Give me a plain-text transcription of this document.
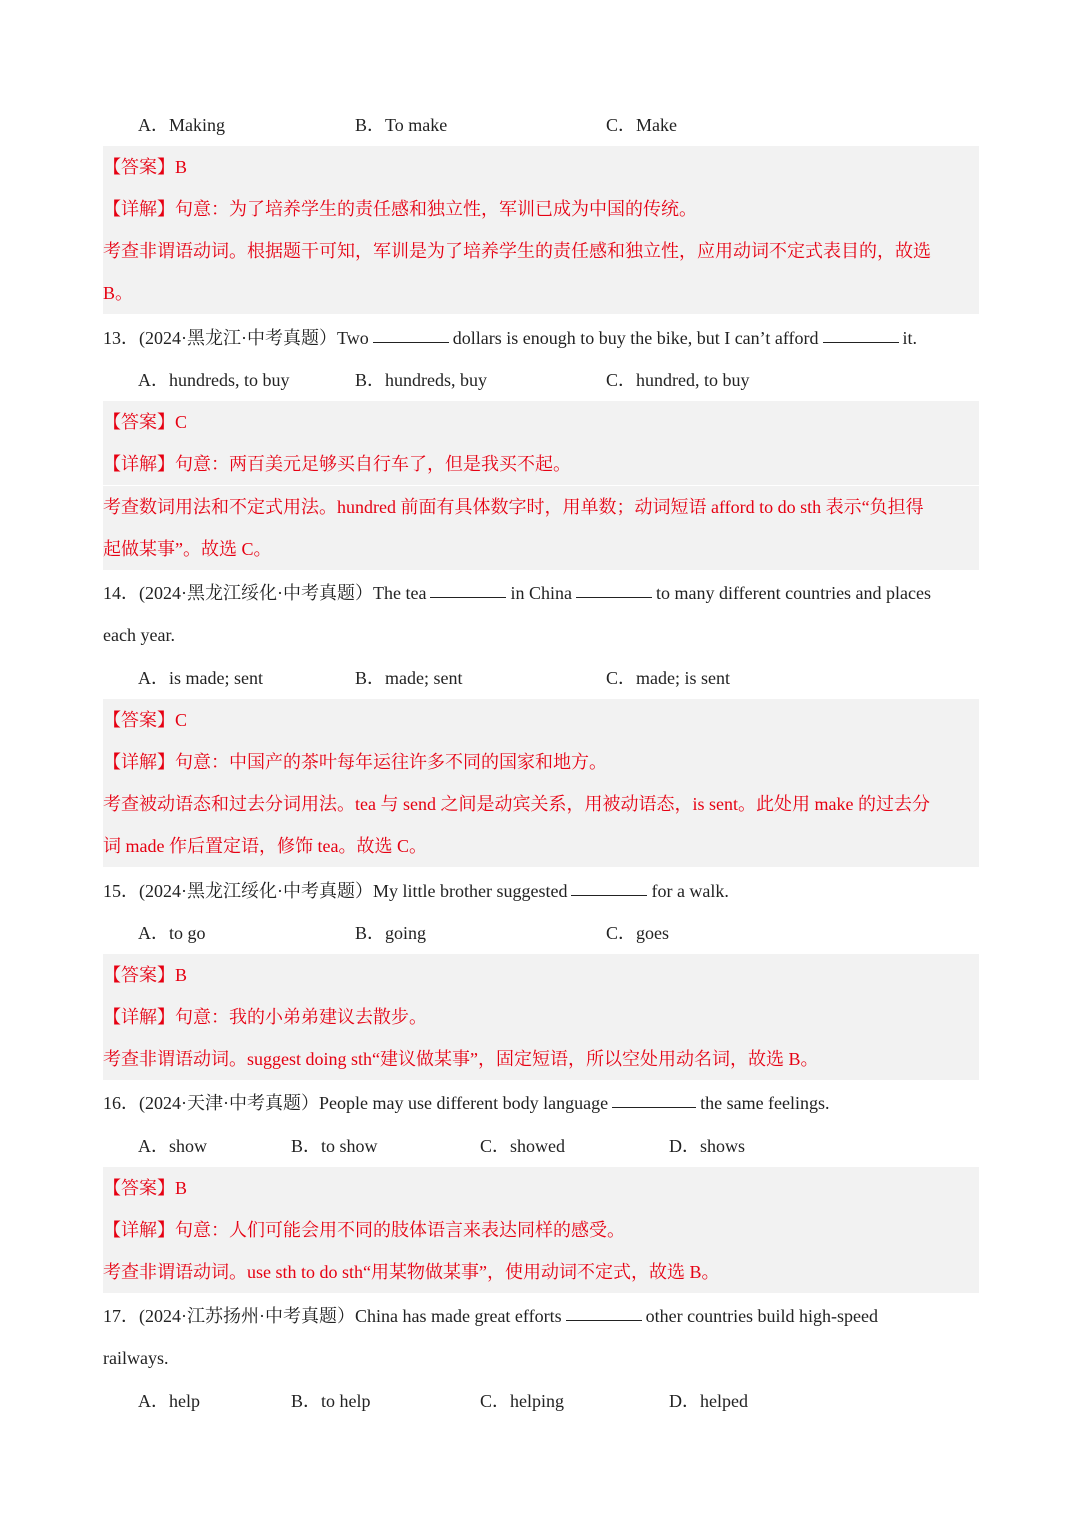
A．Making	B．To make	C．Make
【答案】B
【详解】句意：为了培养学生的责任感和独立性，军训已成为中国的传统。
考查非谓语动词。根据题干可知，军训是为了培养学生的责任感和独立性，应用动词不定式表目的，故选
B。
13．(2024·黑龙江·中考真题）Two	dollars is enough to buy the bike, but I can’t afford	it.
A．hundreds, to buy	B．hundreds, buy	C．hundred, to buy
【答案】C
【详解】句意：两百美元足够买自行车了，但是我买不起。
考查数词用法和不定式用法。hundred 前面有具体数字时，用单数；动词短语 afford to do sth 表示“负担得
起做某事”。故选 C。
14．(2024·黑龙江绥化·中考真题）The tea	in China	to many different countries and places
each year.
A．is made; sent	B．made; sent	C．made; is sent
【答案】C
【详解】句意：中国产的茶叶每年运往许多不同的国家和地方。
考查被动语态和过去分词用法。tea 与 send 之间是动宾关系，用被动语态，is sent。此处用 make 的过去分
词 made 作后置定语，修饰 tea。故选 C。
15．(2024·黑龙江绥化·中考真题）My little brother suggested	for a walk.
A．to go	B．going	C．goes
【答案】B
【详解】句意：我的小弟弟建议去散步。
考查非谓语动词。suggest doing sth“建议做某事”，固定短语，所以空处用动名词，故选 B。
16．(2024·天津·中考真题）People may use different body language	the same feelings.
A．show	B．to show	C．showed	D．shows
【答案】B
【详解】句意：人们可能会用不同的肢体语言来表达同样的感受。
考查非谓语动词。use sth to do sth“用某物做某事”，使用动词不定式，故选 B。
17．(2024·江苏扬州·中考真题）China has made great efforts	other countries build high-speed
railways.
A．help	B．to help	C．helping	D．helped
